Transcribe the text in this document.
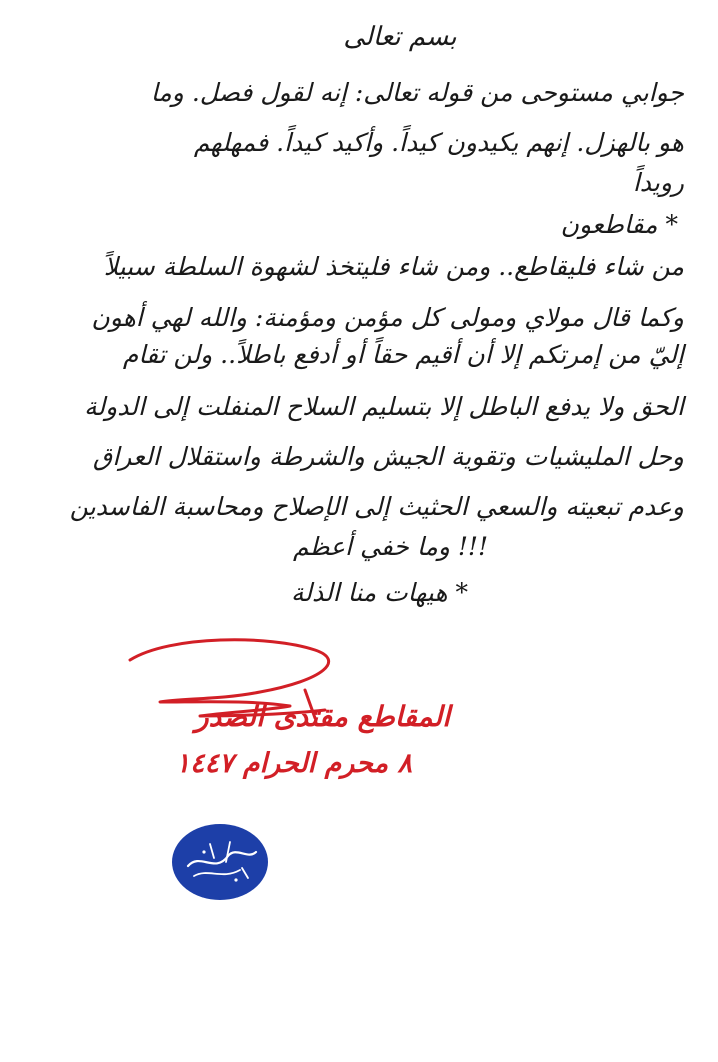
بسم تعالى
جوابي مستوحى من قوله تعالى: إنه لقول فصل. وما
هو بالهزل. إنهم يكيدون كيداً. وأكيد كيداً. فمهلهم
رويداً
* مقاطعون
من شاء فليقاطع.. ومن شاء فليتخذ لشهوة السلطة سبيلاً
وكما قال مولاي ومولى كل مؤمن ومؤمنة: والله لهي أهون
إليّ من إمرتكم إلا أن أقيم حقاً أو أدفع باطلاً.. ولن تقام
الحق ولا يدفع الباطل إلا بتسليم السلاح المنفلت إلى الدولة
وحل المليشيات وتقوية الجيش والشرطة واستقلال العراق
وعدم تبعيته والسعي الحثيث إلى الإصلاح ومحاسبة الفاسدين
!!! وما خفي أعظم
* هيهات منا الذلة
المقاطع مقتدى الصدر
٨ محرم الحرام ١٤٤٧
